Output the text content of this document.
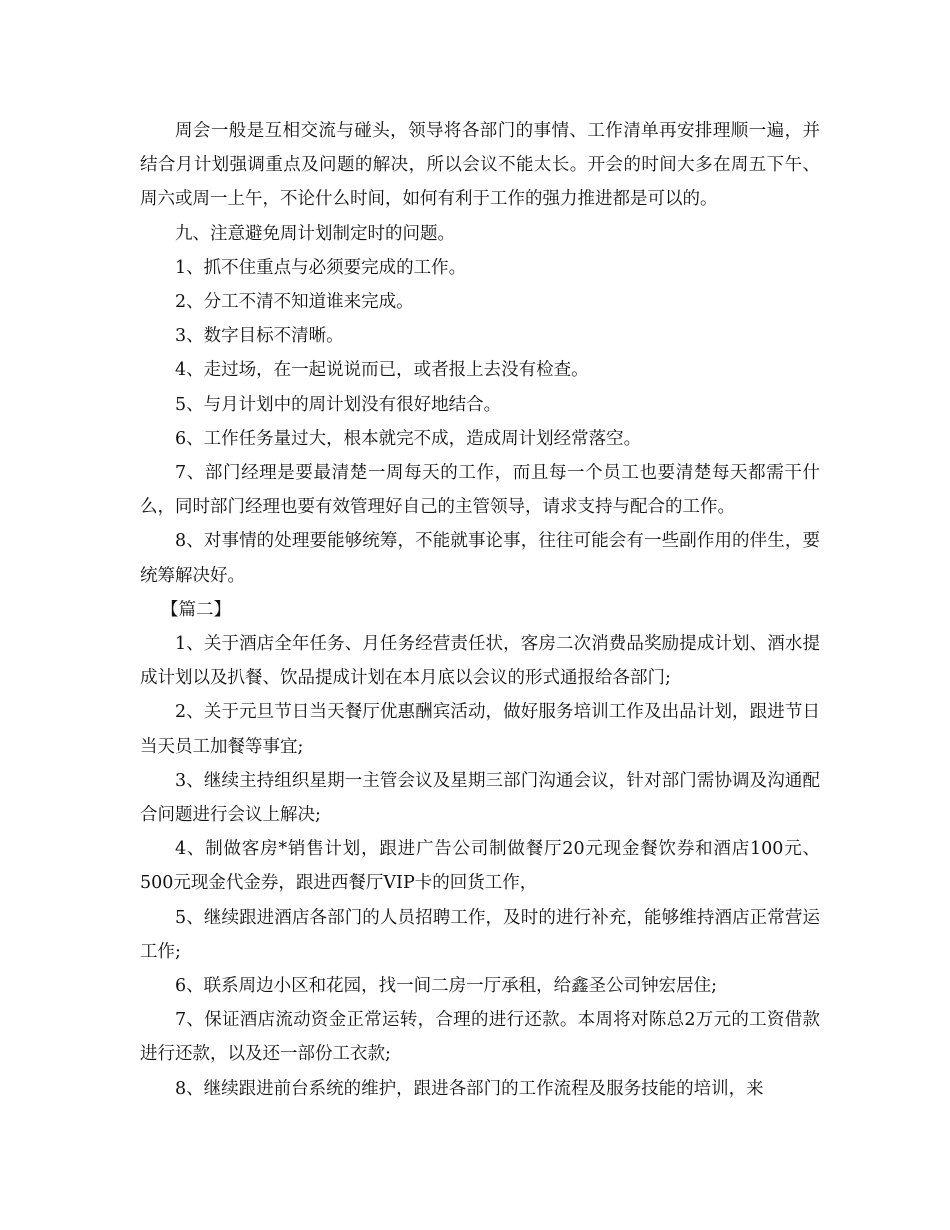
周会一般是互相交流与碰头，领导将各部门的事情、工作清单再安排理顺一遍，并结合月计划强调重点及问题的解决，所以会议不能太长。开会的时间大多在周五下午、周六或周一上午，不论什么时间，如何有利于工作的强力推进都是可以的。

九、注意避免周计划制定时的问题。

1、抓不住重点与必须要完成的工作。

2、分工不清不知道谁来完成。

3、数字目标不清晰。

4、走过场，在一起说说而已，或者报上去没有检查。

5、与月计划中的周计划没有很好地结合。

6、工作任务量过大，根本就完不成，造成周计划经常落空。

7、部门经理是要最清楚一周每天的工作，而且每一个员工也要清楚每天都需干什么，同时部门经理也要有效管理好自己的主管领导，请求支持与配合的工作。

8、对事情的处理要能够统筹，不能就事论事，往往可能会有一些副作用的伴生，要统筹解决好。

【篇二】

1、关于酒店全年任务、月任务经营责任状，客房二次消费品奖励提成计划、酒水提成计划以及扒餐、饮品提成计划在本月底以会议的形式通报给各部门;

2、关于元旦节日当天餐厅优惠酬宾活动，做好服务培训工作及出品计划，跟进节日当天员工加餐等事宜;

3、继续主持组织星期一主管会议及星期三部门沟通会议，针对部门需协调及沟通配合问题进行会议上解决;

4、制做客房*销售计划，跟进广告公司制做餐厅20元现金餐饮券和酒店100元、500元现金代金券，跟进西餐厅VIP卡的回货工作，

5、继续跟进酒店各部门的人员招聘工作，及时的进行补充，能够维持酒店正常营运工作;

6、联系周边小区和花园，找一间二房一厅承租，给鑫圣公司钟宏居住;

7、保证酒店流动资金正常运转，合理的进行还款。本周将对陈总2万元的工资借款进行还款，以及还一部份工衣款;

8、继续跟进前台系统的维护，跟进各部门的工作流程及服务技能的培训，来
